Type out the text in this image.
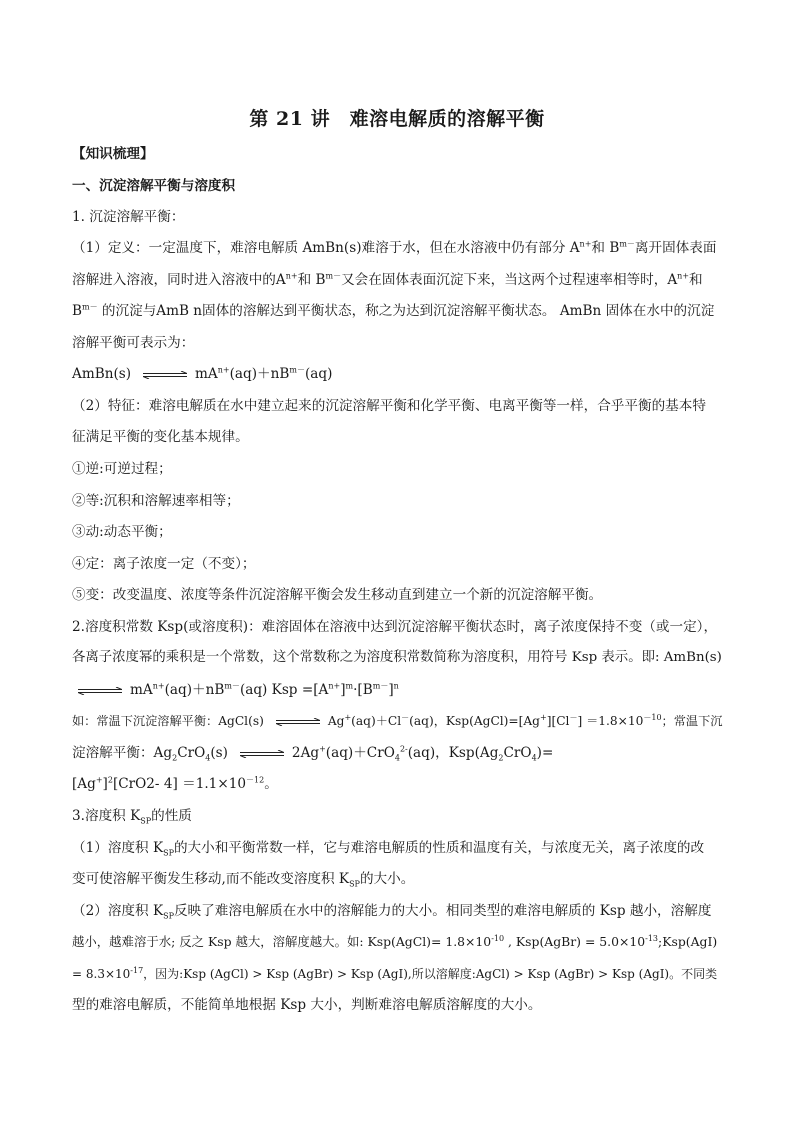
第 21 讲　难溶电解质的溶解平衡
【知识梳理】
一、沉淀溶解平衡与溶度积
1. 沉淀溶解平衡：
（1）定义：一定温度下，难溶电解质 AmBn(s)难溶于水，但在水溶液中仍有部分 $A^{n+}$和 $B^{m-}$离开固体表面
溶解进入溶液，同时进入溶液中的$A^{n+}$和 $B^{m-}$又会在固体表面沉淀下来，当这两个过程速率相等时，$A^{n+}$和
$B^{m-}$ 的沉淀与AmB n固体的溶解达到平衡状态，称之为达到沉淀溶解平衡状态。 AmBn 固体在水中的沉淀
溶解平衡可表示为：
AmBn(s) ⇌ $mA^{n+}(aq)+nB^{m-}(aq)$
（2）特征：难溶电解质在水中建立起来的沉淀溶解平衡和化学平衡、电离平衡等一样，合乎平衡的基本特
征满足平衡的变化基本规律。
①逆:可逆过程；
②等:沉积和溶解速率相等；
③动:动态平衡；
④定：离子浓度一定（不变）；
⑤变：改变温度、浓度等条件沉淀溶解平衡会发生移动直到建立一个新的沉淀溶解平衡。
2.溶度积常数 Ksp(或溶度积)：难溶固体在溶液中达到沉淀溶解平衡状态时，离子浓度保持不变（或一定），
各离子浓度幂的乘积是一个常数，这个常数称之为溶度积常数简称为溶度积，用符号 Ksp 表示。即: AmBn(s)
⇌ $mA^{n+}(aq)+nB^{m-}(aq)$ Ksp $=[A^{n+}]^m\cdot[B^{m-}]^n$
如：常温下沉淀溶解平衡：AgCl(s) ⇌ Ag+(aq)＋Cl－(aq)，Ksp(AgCl)=[Ag+][Cl－] $=1.8\times 10^{-10}$；常温下沉
淀溶解平衡：$Ag_2CrO_4(s)$ ⇌ 2Ag+(aq)＋CrO$_4^{2-}$(aq)，$Ksp(Ag_2CrO_4)=$
$[Ag^+]^2[CrO2-$ $4] =1.1\times 10^{-12}$。
3.溶度积 $K_{SP}$的性质
（1）溶度积 $K_{SP}$的大小和平衡常数一样，它与难溶电解质的性质和温度有关，与浓度无关，离子浓度的改
变可使溶解平衡发生移动,而不能改变溶度积 $K_{SP}$的大小。
（2）溶度积 $K_{SP}$反映了难溶电解质在水中的溶解能力的大小。相同类型的难溶电解质的 Ksp 越小，溶解度
越小，越难溶于水; 反之 Ksp 越大，溶解度越大。如: Ksp(AgCl)= $1.8\times 10^{-10}$ , Ksp(AgBr) = $5.0\times 10^{-13};Ksp(AgI)$
= $8.3\times 10^{-17}$，因为:Ksp (AgCl) > Ksp (AgBr) > Ksp (AgI),所以溶解度:AgCl) > Ksp (AgBr) > Ksp (AgI)。不同类
型的难溶电解质，不能简单地根据 Ksp 大小，判断难溶电解质溶解度的大小。
